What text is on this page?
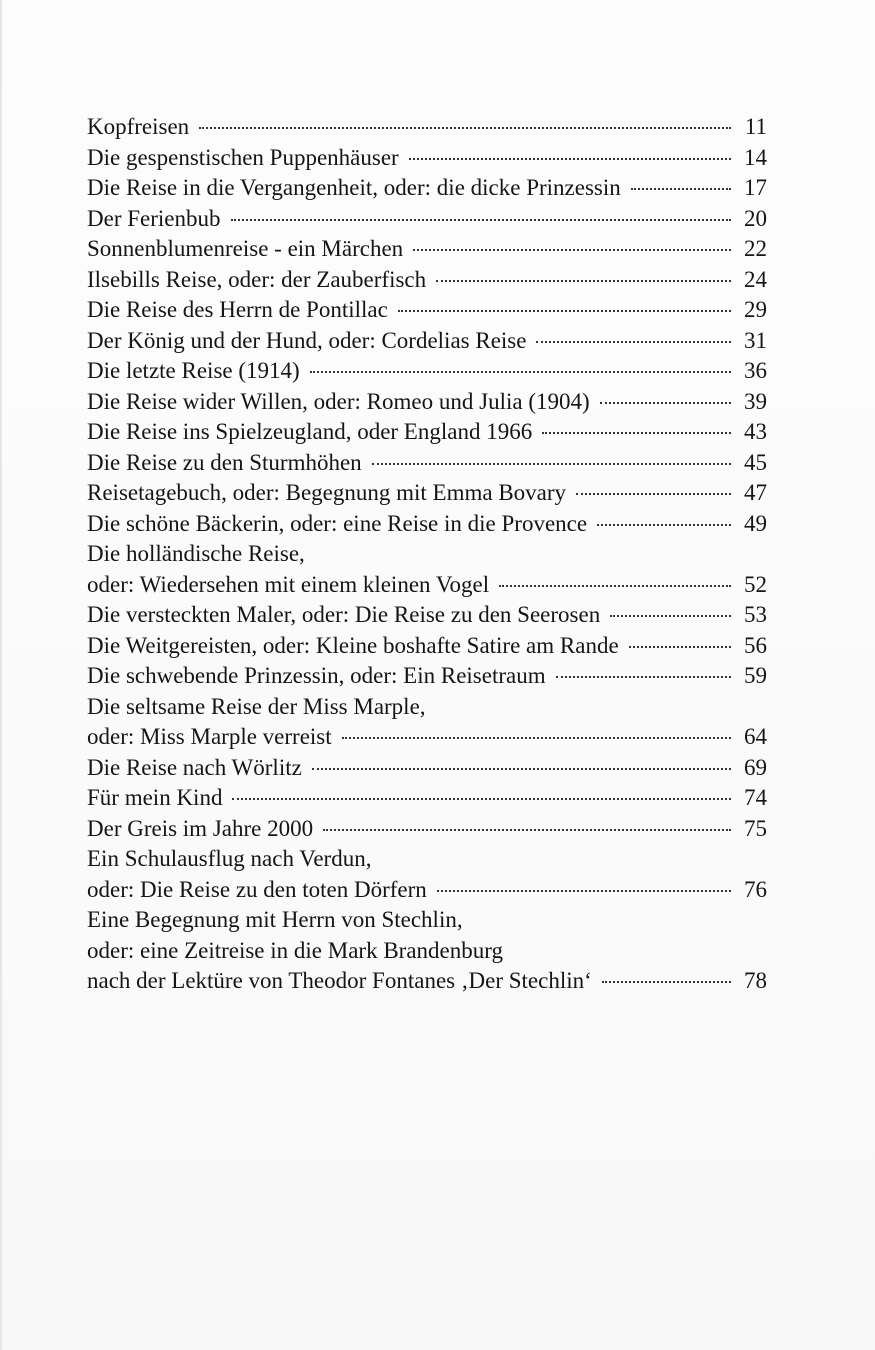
Kopfreisen	11
Die gespenstischen Puppenhäuser	14
Die Reise in die Vergangenheit, oder: die dicke Prinzessin	17
Der Ferienbub	20
Sonnenblumenreise - ein Märchen	22
Ilsebills Reise, oder: der Zauberfisch	24
Die Reise des Herrn de Pontillac	29
Der König und der Hund, oder: Cordelias Reise	31
Die letzte Reise (1914)	36
Die Reise wider Willen, oder: Romeo und Julia (1904)	39
Die Reise ins Spielzeugland, oder England 1966	43
Die Reise zu den Sturmhöhen	45
Reisetagebuch, oder: Begegnung mit Emma Bovary	47
Die schöne Bäckerin, oder: eine Reise in die Provence	49
Die holländische Reise,
oder: Wiedersehen mit einem kleinen Vogel	52
Die versteckten Maler, oder: Die Reise zu den Seerosen	53
Die Weitgereisten, oder: Kleine boshafte Satire am Rande	56
Die schwebende Prinzessin, oder: Ein Reisetraum	59
Die seltsame Reise der Miss Marple,
oder: Miss Marple verreist	64
Die Reise nach Wörlitz	69
Für mein Kind	74
Der Greis im Jahre 2000	75
Ein Schulausflug nach Verdun,
oder: Die Reise zu den toten Dörfern	76
Eine Begegnung mit Herrn von Stechlin,
oder: eine Zeitreise in die Mark Brandenburg
nach der Lektüre von Theodor Fontanes ‚Der Stechlin‘	78
